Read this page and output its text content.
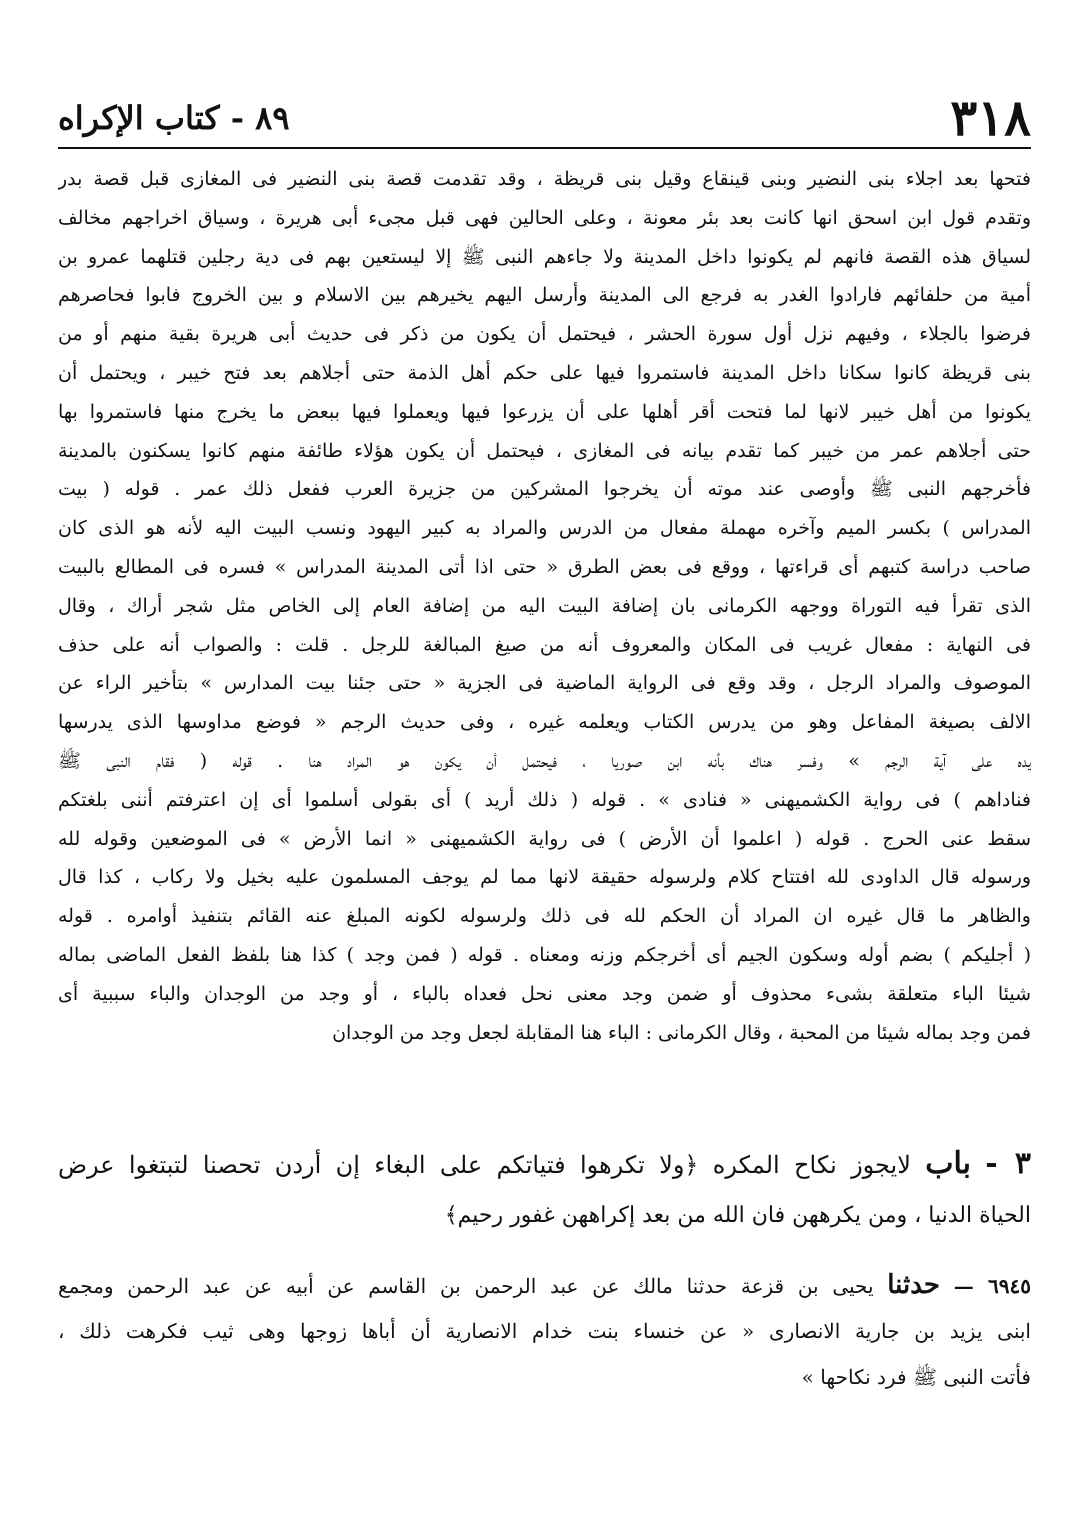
٣١٨
٨٩ - كتاب الإكراه
فتحها بعد اجلاء بنى النضير وبنى قينقاع وقيل بنى قريظة ، وقد تقدمت قصة بنى النضير فى المغازى قبل قصة بدر
وتقدم قول ابن اسحق انها كانت بعد بئر معونة ، وعلى الحالين فهى قبل مجىء أبى هريرة ، وسياق اخراجهم مخالف
لسياق هذه القصة فانهم لم يكونوا داخل المدينة ولا جاءهم النبى ﷺ إلا ليستعين بهم فى دية رجلين قتلهما عمرو بن
أمية من حلفائهم فارادوا الغدر به فرجع الى المدينة وأرسل اليهم يخيرهم بين الاسلام و بين الخروج فابوا فحاصرهم
فرضوا بالجلاء ، وفيهم نزل أول سورة الحشر ، فيحتمل أن يكون من ذكر فى حديث أبى هريرة بقية منهم أو من
بنى قريظة كانوا سكانا داخل المدينة فاستمروا فيها على حكم أهل الذمة حتى أجلاهم بعد فتح خيبر ، ويحتمل أن
يكونوا من أهل خيبر لانها لما فتحت أقر أهلها على أن يزرعوا فيها ويعملوا فيها ببعض ما يخرج منها فاستمروا بها
حتى أجلاهم عمر من خيبر كما تقدم بيانه فى المغازى ، فيحتمل أن يكون هؤلاء طائفة منهم كانوا يسكنون بالمدينة
فأخرجهم النبى ﷺ وأوصى عند موته أن يخرجوا المشركين من جزيرة العرب ففعل ذلك عمر . قوله ( بيت
المدراس ) بكسر الميم وآخره مهملة مفعال من الدرس والمراد به كبير اليهود ونسب البيت اليه لأنه هو الذى كان
صاحب دراسة كتبهم أى قراءتها ، ووقع فى بعض الطرق « حتى اذا أتى المدينة المدراس » فسره فى المطالع بالبيت
الذى تقرأ فيه التوراة ووجهه الكرمانى بان إضافة البيت اليه من إضافة العام إلى الخاص مثل شجر أراك ، وقال
فى النهاية : مفعال غريب فى المكان والمعروف أنه من صيغ المبالغة للرجل . قلت : والصواب أنه على حذف
الموصوف والمراد الرجل ، وقد وقع فى الرواية الماضية فى الجزية « حتى جئنا بيت المدارس » بتأخير الراء عن
الالف بصيغة المفاعل وهو من يدرس الكتاب ويعلمه غيره ، وفى حديث الرجم « فوضع مداوسها الذى يدرسها
يده على آية الرجم » وفسر هناك بأنه ابن صوريا ، فيحتمل أن يكون هو المراد هنا . قوله ( فقام النبى ﷺ
فناداهم ) فى رواية الكشميهنى « فنادى » . قوله ( ذلك أريد ) أى بقولى أسلموا أى إن اعترفتم أننى بلغتكم
سقط عنى الحرج . قوله ( اعلموا أن الأرض ) فى رواية الكشميهنى « انما الأرض » فى الموضعين وقوله لله
ورسوله قال الداودى لله افتتاح كلام ولرسوله حقيقة لانها مما لم يوجف المسلمون عليه بخيل ولا ركاب ، كذا قال
والظاهر ما قال غيره ان المراد أن الحكم لله فى ذلك ولرسوله لكونه المبلغ عنه القائم بتنفيذ أوامره . قوله
( أجليكم ) بضم أوله وسكون الجيم أى أخرجكم وزنه ومعناه . قوله ( فمن وجد ) كذا هنا بلفظ الفعل الماضى بماله
شيئا الباء متعلقة بشىء محذوف أو ضمن وجد معنى نحل فعداه بالباء ، أو وجد من الوجدان والباء سببية أى
فمن وجد بماله شيئا من المحبة ، وقال الكرمانى : الباء هنا المقابلة لجعل وجد من الوجدان
٣ - باب لايجوز نكاح المكره ﴿ولا تكرهوا فتياتكم على البغاء إن أردن تحصنا لتبتغوا عرض
الحياة الدنيا ، ومن يكرههن فان الله من بعد إكراههن غفور رحيم﴾
٦٩٤٥ — حدثنا يحيى بن قزعة حدثنا مالك عن عبد الرحمن بن القاسم عن أبيه عن عبد الرحمن ومجمع
ابنى يزيد بن جارية الانصارى « عن خنساء بنت خدام الانصارية أن أباها زوجها وهى ثيب فكرهت ذلك ،
فأتت النبى ﷺ فرد نكاحها »
